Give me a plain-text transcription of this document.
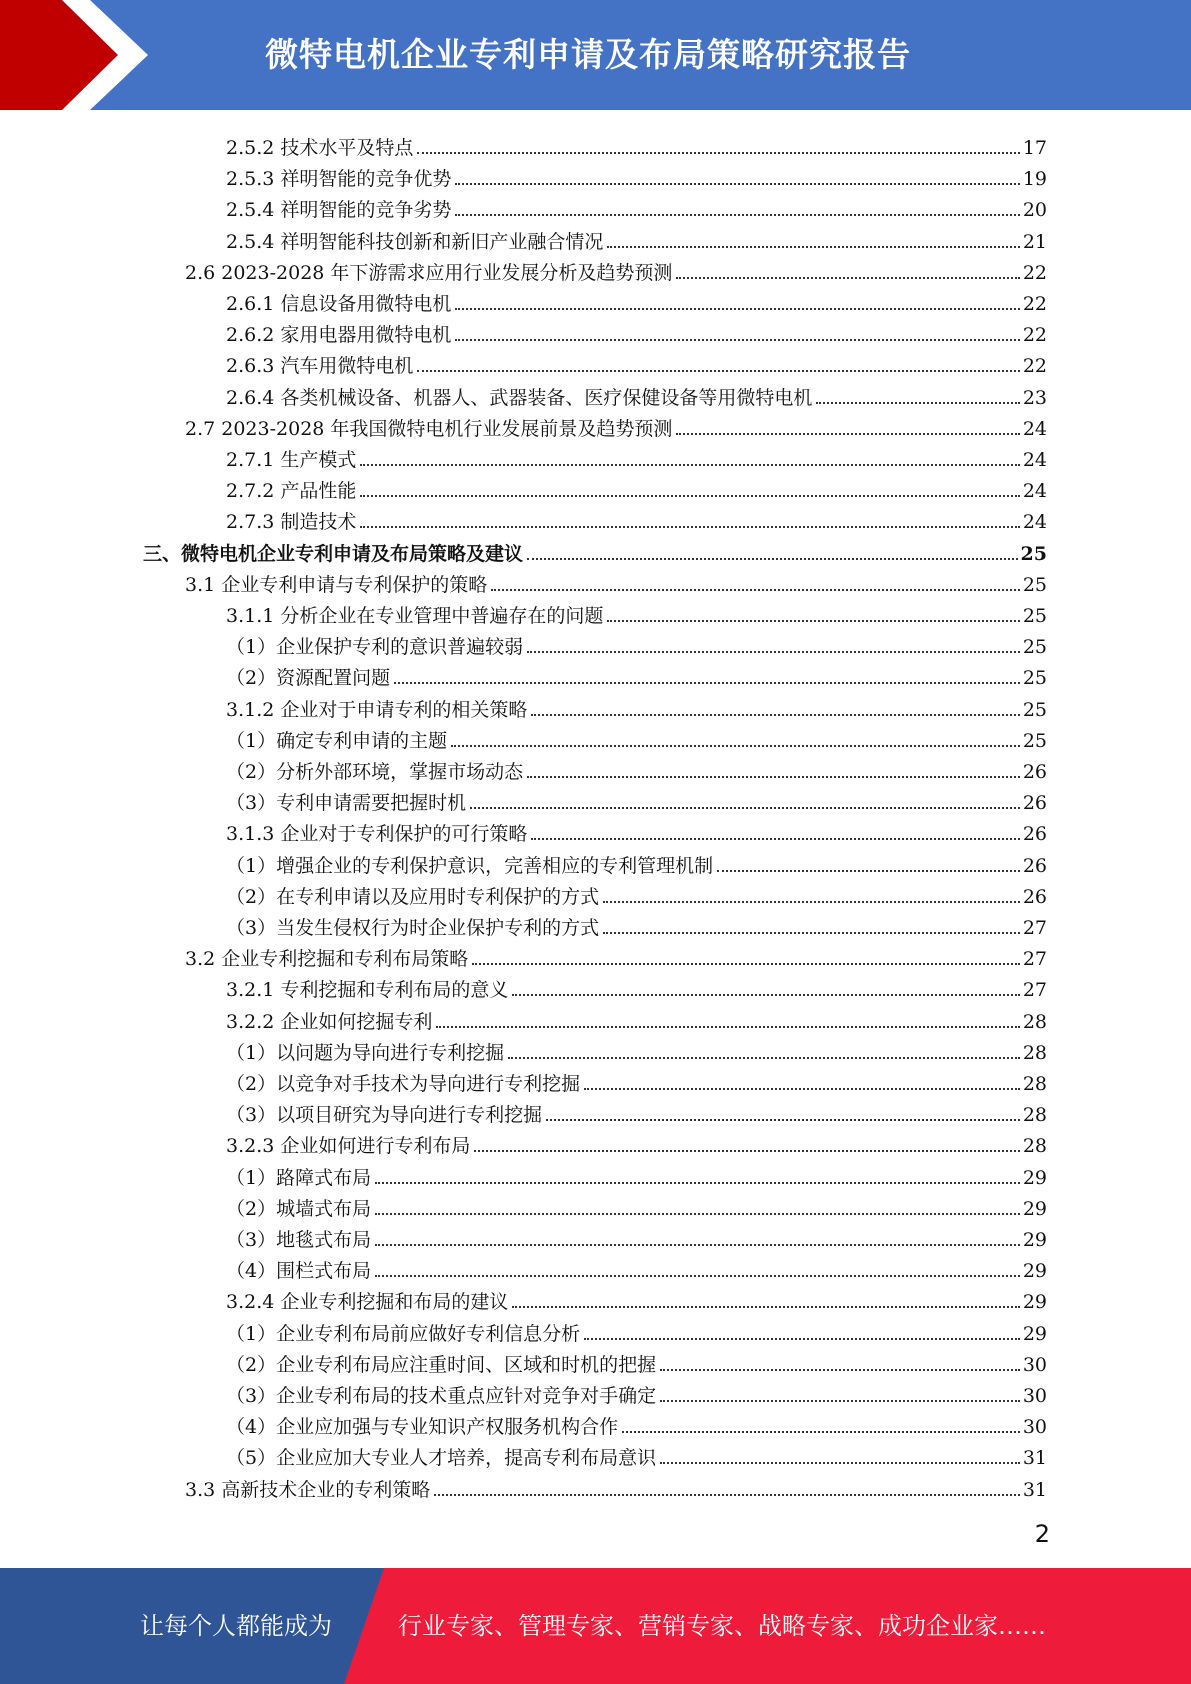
微特电机企业专利申请及布局策略研究报告
2.5.2 技术水平及特点	17
2.5.3 祥明智能的竞争优势	19
2.5.4 祥明智能的竞争劣势	20
2.5.4 祥明智能科技创新和新旧产业融合情况	21
2.6 2023-2028 年下游需求应用行业发展分析及趋势预测	22
2.6.1 信息设备用微特电机	22
2.6.2 家用电器用微特电机	22
2.6.3 汽车用微特电机	22
2.6.4 各类机械设备、机器人、武器装备、医疗保健设备等用微特电机	23
2.7 2023-2028 年我国微特电机行业发展前景及趋势预测	24
2.7.1 生产模式	24
2.7.2 产品性能	24
2.7.3 制造技术	24
三、微特电机企业专利申请及布局策略及建议	25
3.1 企业专利申请与专利保护的策略	25
3.1.1 分析企业在专业管理中普遍存在的问题	25
（1）企业保护专利的意识普遍较弱	25
（2）资源配置问题	25
3.1.2 企业对于申请专利的相关策略	25
（1）确定专利申请的主题	25
（2）分析外部环境，掌握市场动态	26
（3）专利申请需要把握时机	26
3.1.3 企业对于专利保护的可行策略	26
（1）增强企业的专利保护意识，完善相应的专利管理机制	26
（2）在专利申请以及应用时专利保护的方式	26
（3）当发生侵权行为时企业保护专利的方式	27
3.2 企业专利挖掘和专利布局策略	27
3.2.1 专利挖掘和专利布局的意义	27
3.2.2 企业如何挖掘专利	28
（1）以问题为导向进行专利挖掘	28
（2）以竞争对手技术为导向进行专利挖掘	28
（3）以项目研究为导向进行专利挖掘	28
3.2.3 企业如何进行专利布局	28
（1）路障式布局	29
（2）城墙式布局	29
（3）地毯式布局	29
（4）围栏式布局	29
3.2.4 企业专利挖掘和布局的建议	29
（1）企业专利布局前应做好专利信息分析	29
（2）企业专利布局应注重时间、区域和时机的把握	30
（3）企业专利布局的技术重点应针对竞争对手确定	30
（4）企业应加强与专业知识产权服务机构合作	30
（5）企业应加大专业人才培养，提高专利布局意识	31
3.3 高新技术企业的专利策略	31
2
让每个人都能成为	行业专家、管理专家、营销专家、战略专家、成功企业家……
